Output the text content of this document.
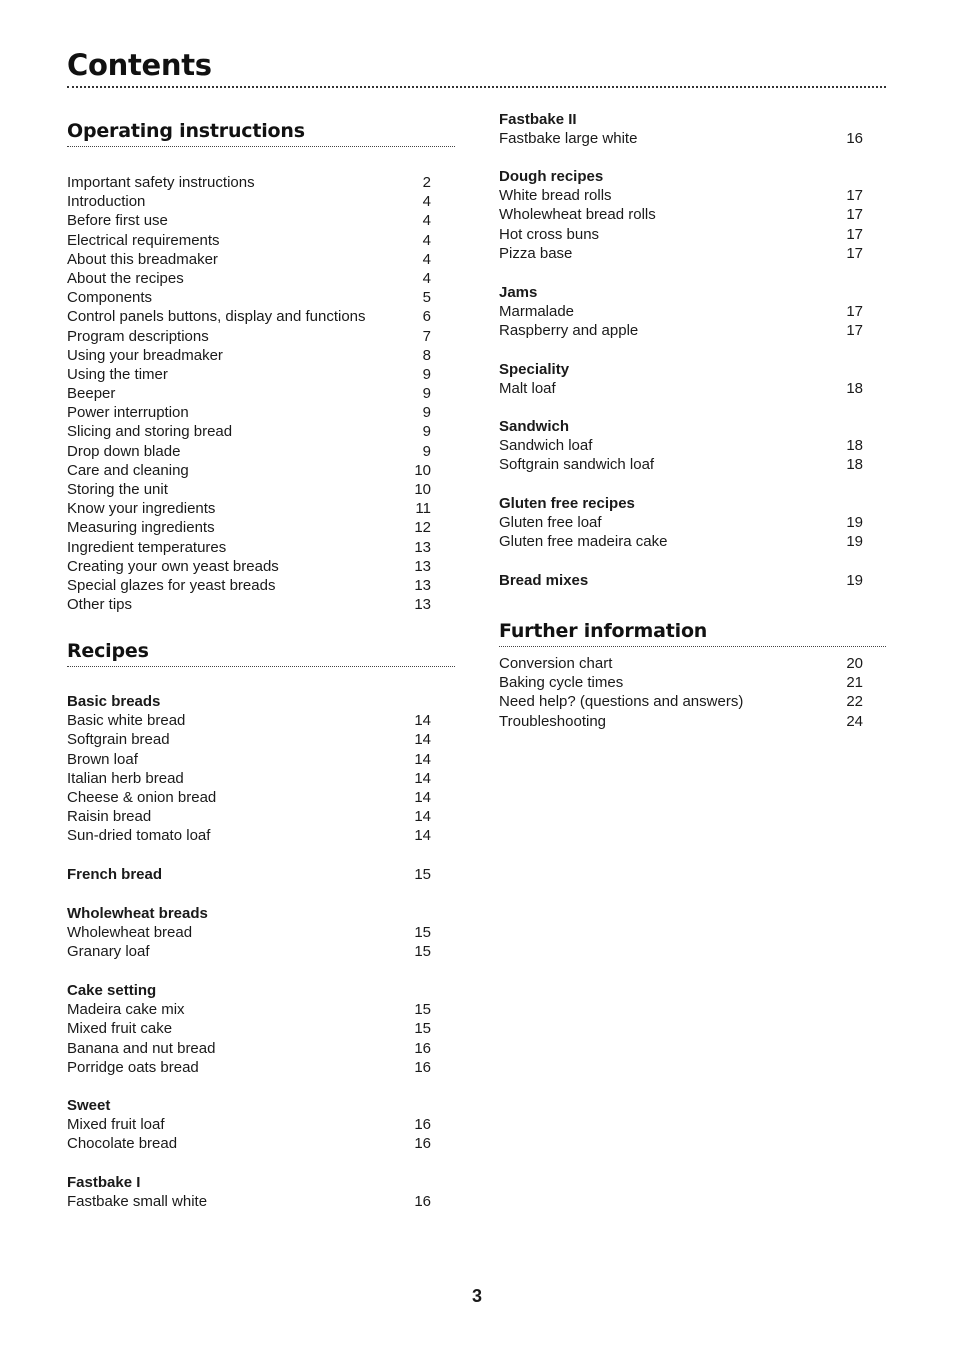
Contents
Operating instructions
Important safety instructions	2
Introduction	4
Before first use	4
Electrical requirements	4
About this breadmaker	4
About the recipes	4
Components	5
Control panels buttons, display and functions	6
Program descriptions	7
Using your breadmaker	8
Using the timer	9
Beeper	9
Power interruption	9
Slicing and storing bread	9
Drop down blade	9
Care and cleaning	10
Storing the unit	10
Know your ingredients	11
Measuring ingredients	12
Ingredient temperatures	13
Creating your own yeast breads	13
Special glazes for yeast breads	13
Other tips	13
Recipes
Basic breads
Basic white bread	14
Softgrain bread	14
Brown loaf	14
Italian herb bread	14
Cheese & onion bread	14
Raisin bread	14
Sun-dried tomato loaf	14
French bread	15
Wholewheat breads
Wholewheat bread	15
Granary loaf	15
Cake setting
Madeira cake mix	15
Mixed fruit cake	15
Banana and nut bread	16
Porridge oats bread	16
Sweet
Mixed fruit loaf	16
Chocolate bread	16
Fastbake I
Fastbake small white	16
Fastbake II
Fastbake large white	16
Dough recipes
White bread rolls	17
Wholewheat bread rolls	17
Hot cross buns	17
Pizza base	17
Jams
Marmalade	17
Raspberry and apple	17
Speciality
Malt loaf	18
Sandwich
Sandwich loaf	18
Softgrain sandwich loaf	18
Gluten free recipes
Gluten free loaf	19
Gluten free madeira cake	19
Bread mixes	19
Further information
Conversion chart	20
Baking cycle times	21
Need help? (questions and answers)	22
Troubleshooting	24
3
